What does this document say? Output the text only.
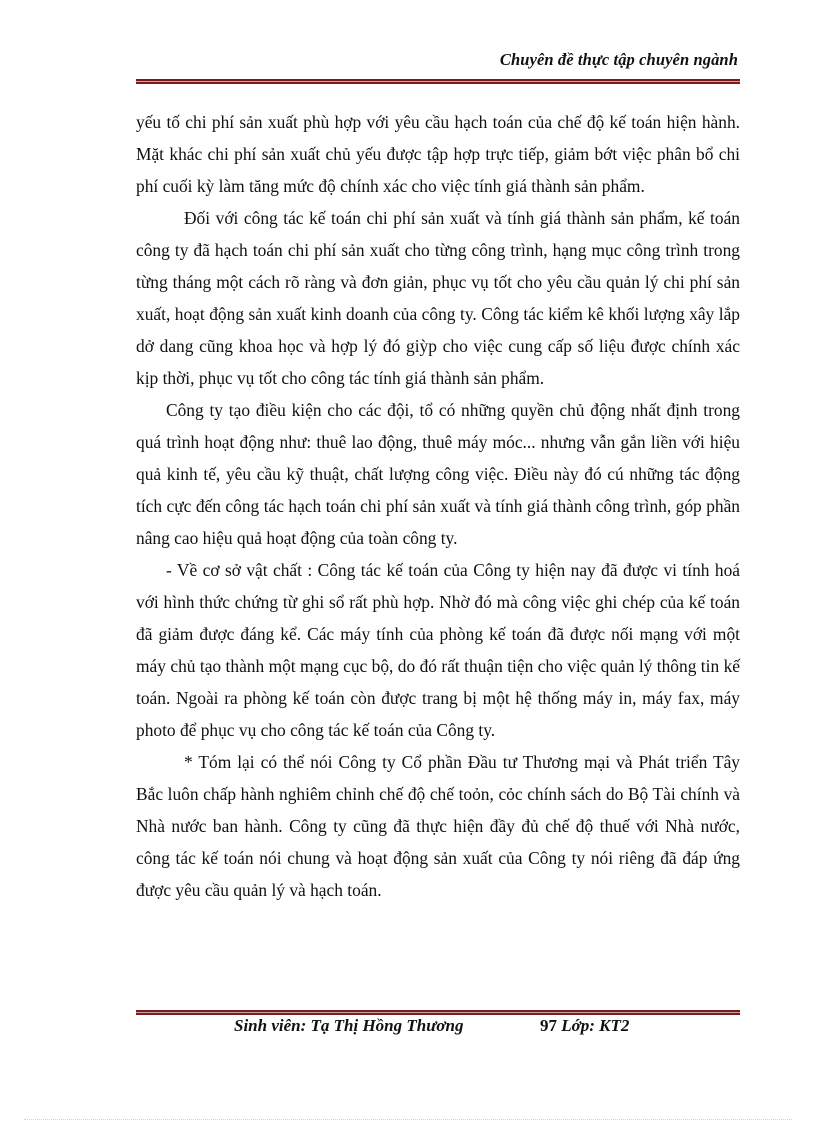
Chuyên đề thực tập chuyên ngành

yếu tố chi phí sản xuất phù hợp với yêu cầu hạch toán của chế độ kế toán hiện hành. Mặt khác chi phí sản xuất chủ yếu được tập hợp trực tiếp, giảm bớt việc phân bổ chi phí cuối kỳ làm tăng mức độ chính xác cho việc tính giá thành sản phẩm.

Đối với công tác kế toán chi phí sản xuất và tính giá thành sản phẩm, kế toán công ty đã hạch toán chi phí sản xuất cho từng công trình, hạng mục công trình trong từng tháng một cách rõ ràng và đơn giản, phục vụ tốt cho yêu cầu quản lý chi phí sản xuất, hoạt động sản xuất kinh doanh của công ty. Công tác kiểm kê khối lượng xây lắp dở dang cũng khoa học và hợp lý đó giỳp cho việc cung cấp số liệu được chính xác kịp thời, phục vụ tốt cho công tác tính giá thành sản phẩm.

Công ty tạo điều kiện cho các đội, tổ có những quyền chủ động nhất định trong quá trình hoạt động như: thuê lao động, thuê máy móc... nhưng vẫn gắn liền với hiệu quả kinh tế, yêu cầu kỹ thuật, chất lượng công việc. Điều này đó cú những tác động tích cực đến công tác hạch toán chi phí sản xuất và tính giá thành công trình, góp phần nâng cao hiệu quả hoạt động của toàn công ty.

- Về cơ sở vật chất : Công tác kế toán của Công ty hiện nay đã được vi tính hoá với hình thức chứng từ ghi sổ rất phù hợp. Nhờ đó mà công việc ghi chép của kế toán đã giảm được đáng kể. Các máy tính của phòng kế toán đã được nối mạng với một máy chủ tạo thành một mạng cục bộ, do đó rất thuận tiện cho việc quản lý thông tin kế toán. Ngoài ra phòng kế toán còn được trang bị một hệ thống máy in, máy fax, máy photo để phục vụ cho công tác kế toán của Công ty.

* Tóm lại có thể nói Công ty Cổ phần Đầu tư Thương mại và Phát triển Tây Bắc luôn chấp hành nghiêm chỉnh chế độ chế toỏn, cỏc chính sách do Bộ Tài chính và Nhà nước ban hành. Công ty cũng đã thực hiện đầy đủ chế độ thuế với Nhà nước, công tác kế toán nói chung và hoạt động sản xuất của Công ty nói riêng đã đáp ứng được yêu cầu quản lý và hạch toán.

Sinh viên: Tạ Thị Hồng Thương	97 Lớp: KT2
